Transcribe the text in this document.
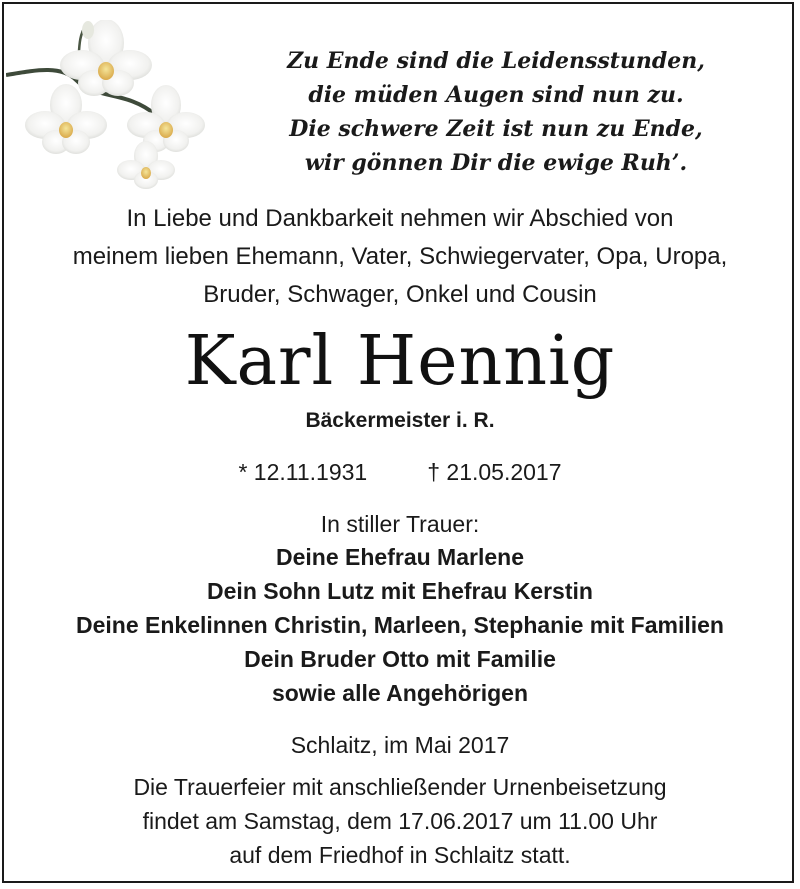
Zu Ende sind die Leidensstunden,
die müden Augen sind nun zu.
Die schwere Zeit ist nun zu Ende,
wir gönnen Dir die ewige Ruh’.
In Liebe und Dankbarkeit nehmen wir Abschied von
meinem lieben Ehemann, Vater, Schwiegervater, Opa, Uropa,
Bruder, Schwager, Onkel und Cousin
Karl Hennig
Bäckermeister i. R.
* 12.11.1931	† 21.05.2017
In stiller Trauer:
Deine Ehefrau Marlene
Dein Sohn Lutz mit Ehefrau Kerstin
Deine Enkelinnen Christin, Marleen, Stephanie mit Familien
Dein Bruder Otto mit Familie
sowie alle Angehörigen
Schlaitz, im Mai 2017
Die Trauerfeier mit anschließender Urnenbeisetzung
findet am Samstag, dem 17.06.2017 um 11.00 Uhr
auf dem Friedhof in Schlaitz statt.
